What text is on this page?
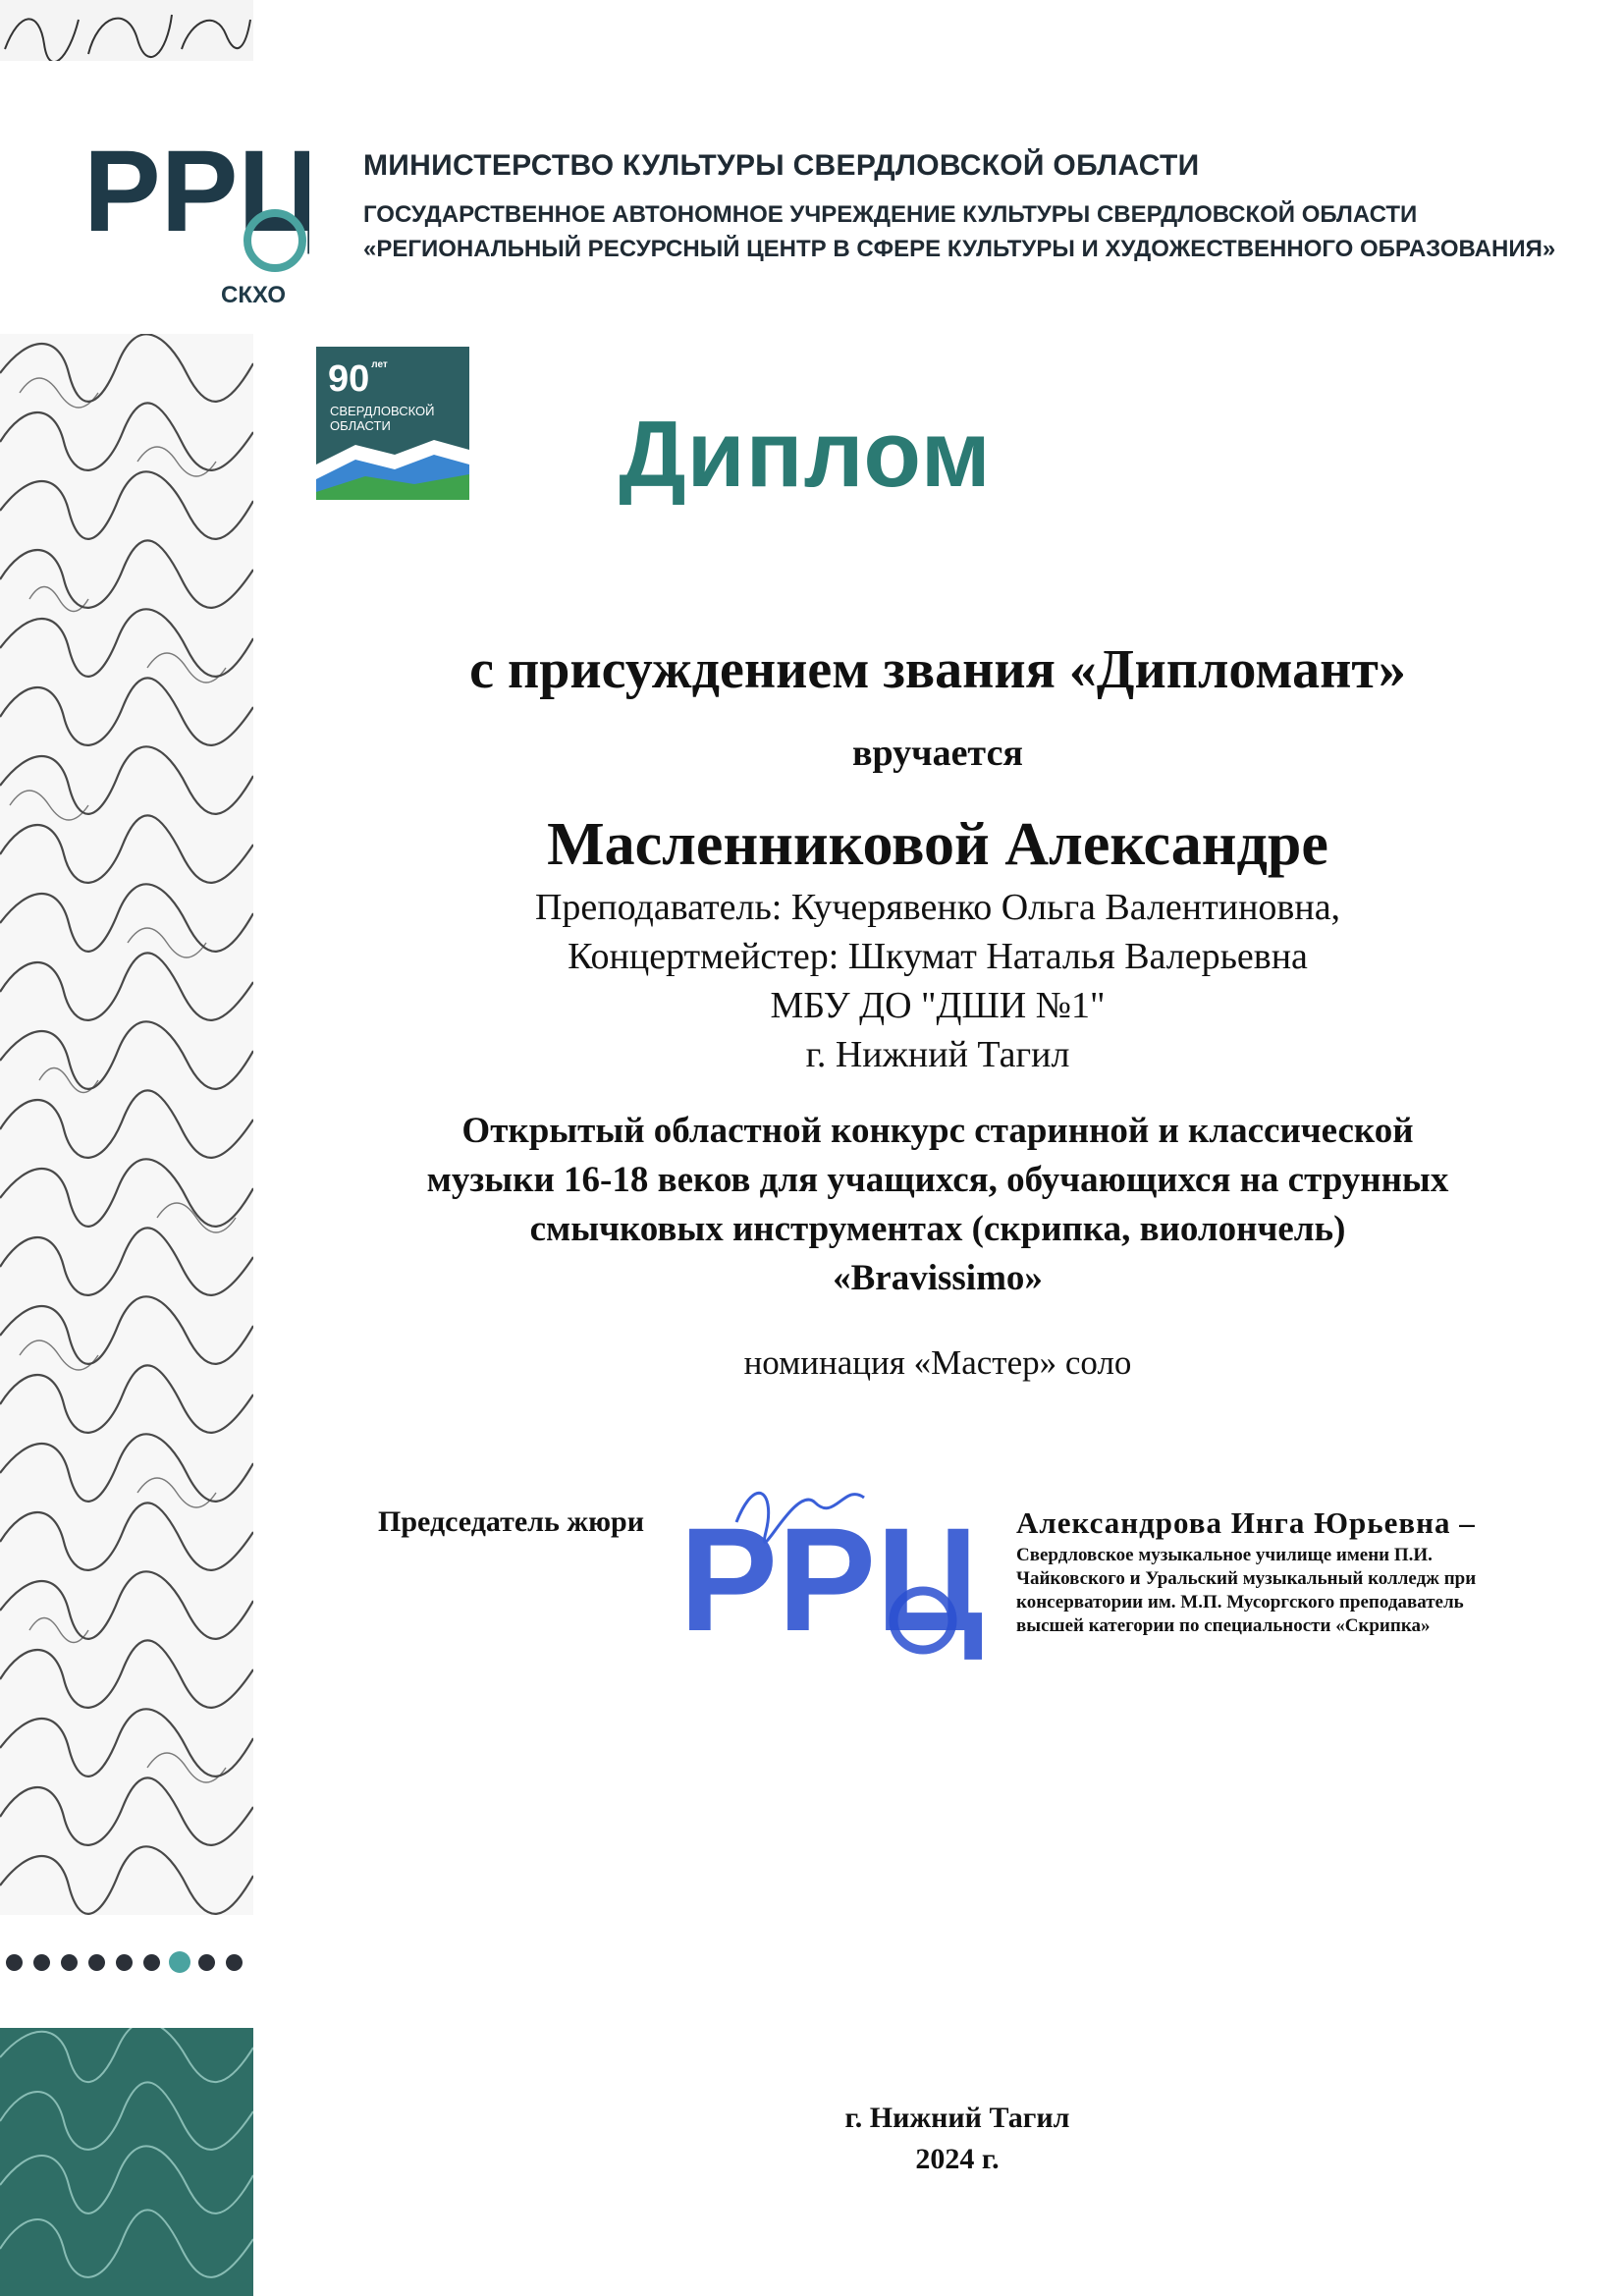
РРЦ
СКХО
МИНИСТЕРСТВО КУЛЬТУРЫ СВЕРДЛОВСКОЙ ОБЛАСТИ
ГОСУДАРСТВЕННОЕ АВТОНОМНОЕ УЧРЕЖДЕНИЕ КУЛЬТУРЫ СВЕРДЛОВСКОЙ ОБЛАСТИ
«РЕГИОНАЛЬНЫЙ РЕСУРСНЫЙ ЦЕНТР В СФЕРЕ КУЛЬТУРЫ И ХУДОЖЕСТВЕННОГО ОБРАЗОВАНИЯ»
90 $^{лет}$
СВЕРДЛОВСКОЙ
ОБЛАСТИ	Диплом
с присуждением звания «Дипломант»
вручается
Масленниковой Александре
Преподаватель: Кучерявенко Ольга Валентиновна,
Концертмейстер: Шкумат Наталья Валерьевна
МБУ ДО "ДШИ №1"
г. Нижний Тагил
Открытый областной конкурс старинной и классической
музыки 16-18 веков для учащихся, обучающихся на струнных
смычковых инструментах (скрипка, виолончель)
«Bravissimo»
номинация «Мастер» соло
Председатель жюри РРЦ Александрова Инга Юрьевна –
Свердловское музыкальное училище имени П.И.
Чайковского и Уральский музыкальный колледж при
консерватории им. М.П. Мусоргского преподаватель
высшей категории по специальности «Скрипка»
г. Нижний Тагил
2024 г.
